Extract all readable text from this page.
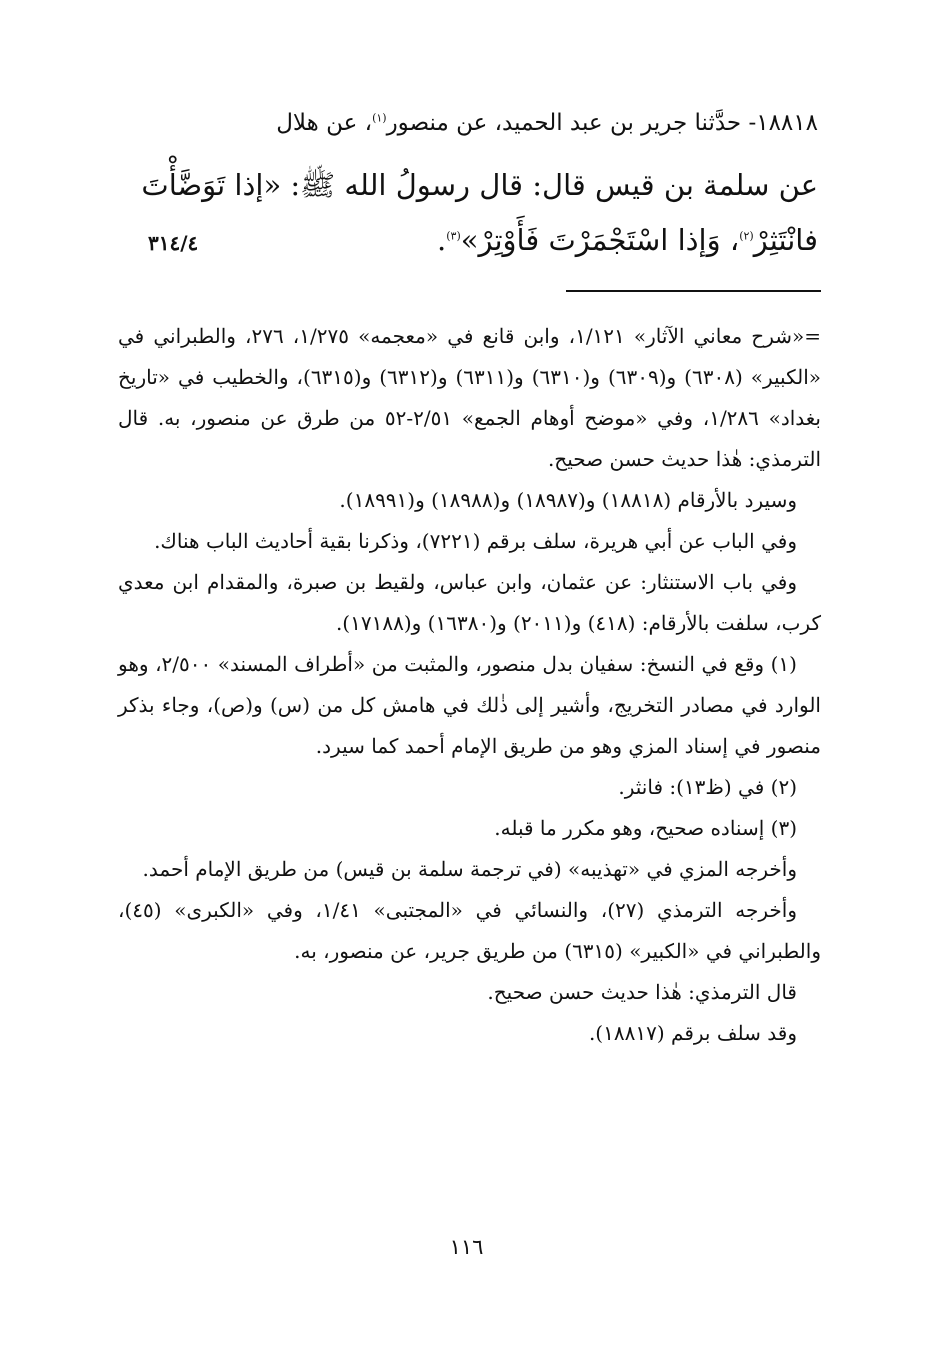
١٨٨١٨- حدَّثنا جرير بن عبد الحميد، عن منصور$^{(١)}$، عن هلال
عن سلمة بن قيس قال: قال رسولُ الله ﷺ: «إذا تَوَضَّأْتَ
فانْتَثِرْ$^{(٢)}$، وَإذا اسْتَجْمَرْتَ فَأَوْتِرْ»$^{(٣)}$.
٣١٤/٤

=«شرح معاني الآثار» ١/١٢١، وابن قانع في «معجمه» ١/٢٧٥، ٢٧٦، والطبراني في «الكبير» (٦٣٠٨) و(٦٣٠٩) و(٦٣١٠) و(٦٣١١) و(٦٣١٢) و(٦٣١٥)، والخطيب في «تاريخ بغداد» ١/٢٨٦، وفي «موضح أوهام الجمع» ٢/٥١-٥٢ من طرق عن منصور، به. قال الترمذي: هٰذا حديث حسن صحيح.

وسيرد بالأرقام (١٨٨١٨) و(١٨٩٨٧) و(١٨٩٨٨) و(١٨٩٩١).

وفي الباب عن أبي هريرة، سلف برقم (٧٢٢١)، وذكرنا بقية أحاديث الباب هناك.

وفي باب الاستنثار: عن عثمان، وابن عباس، ولقيط بن صبرة، والمقدام ابن معدي كرب، سلفت بالأرقام: (٤١٨) و(٢٠١١) و(١٦٣٨٠) و(١٧١٨٨).

(١) وقع في النسخ: سفيان بدل منصور، والمثبت من «أطراف المسند» ٢/٥٠٠، وهو الوارد في مصادر التخريج، وأشير إلى ذٰلك في هامش كل من (س) و(ص)، وجاء بذكر منصور في إسناد المزي وهو من طريق الإمام أحمد كما سيرد.

(٢) في (ظ١٣): فانثر.

(٣) إسناده صحيح، وهو مكرر ما قبله.

وأخرجه المزي في «تهذيبه» (في ترجمة سلمة بن قيس) من طريق الإمام أحمد.

وأخرجه الترمذي (٢٧)، والنسائي في «المجتبى» ١/٤١، وفي «الكبرى» (٤٥)، والطبراني في «الكبير» (٦٣١٥) من طريق جرير، عن منصور، به.

قال الترمذي: هٰذا حديث حسن صحيح.

وقد سلف برقم (١٨٨١٧).

١١٦
